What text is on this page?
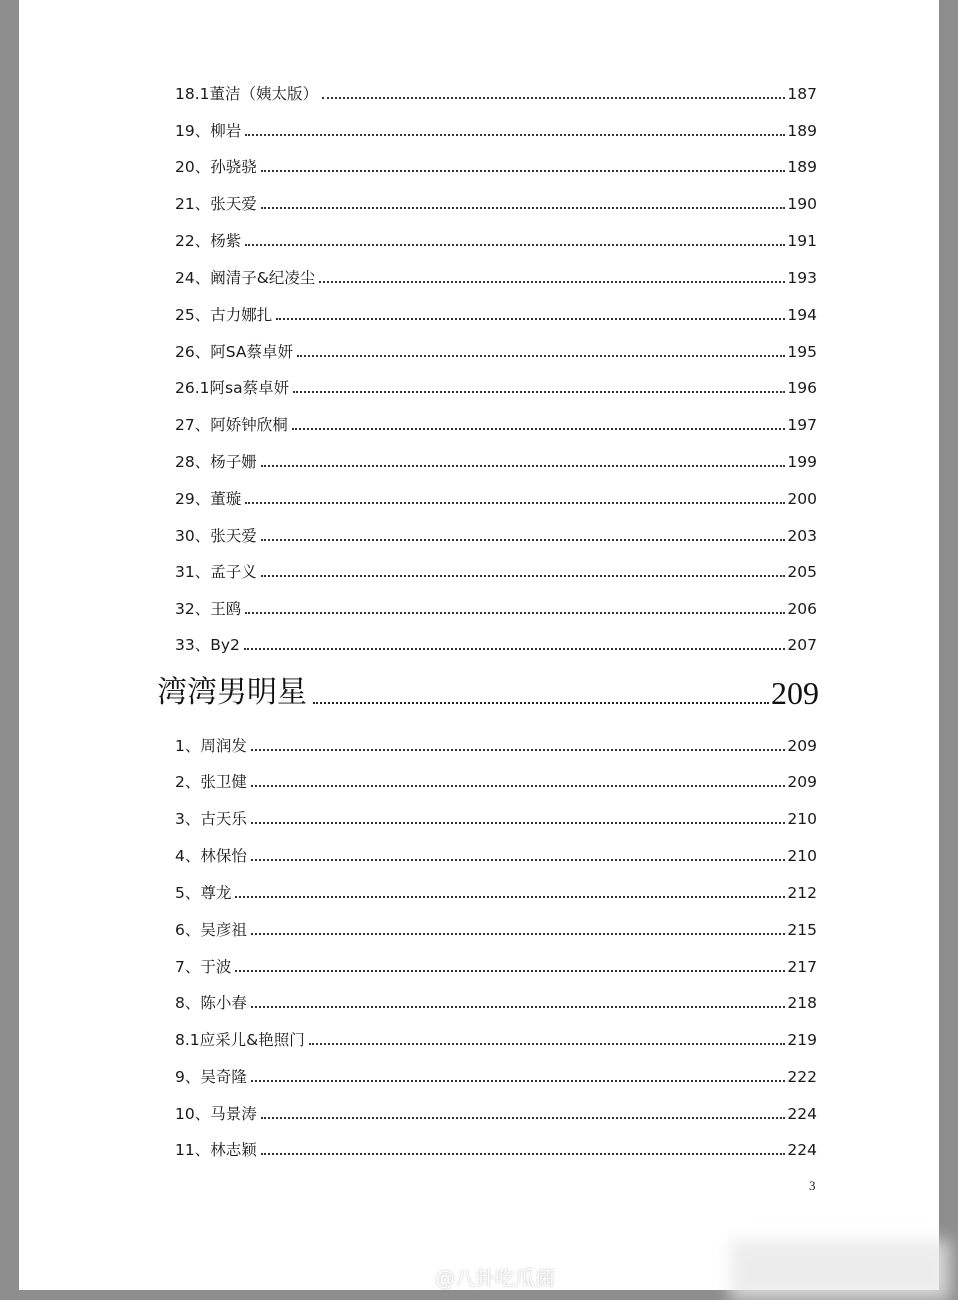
18.1董洁（姨太版）	187
19、柳岩	189
20、孙骁骁	189
21、张天爱	190
22、杨紫	191
24、阚清子&纪凌尘	193
25、古力娜扎	194
26、阿SA蔡卓妍	195
26.1阿sa蔡卓妍	196
27、阿娇钟欣桐	197
28、杨子姗	199
29、董璇	200
30、张天爱	203
31、孟子义	205
32、王鸥	206
33、By2	207
湾湾男明星	209
1、周润发	209
2、张卫健	209
3、古天乐	210
4、林保怡	210
5、尊龙	212
6、吴彦祖	215
7、于波	217
8、陈小春	218
8.1应采儿&艳照门	219
9、吴奇隆	222
10、马景涛	224
11、林志颖	224
3
@八卦吃瓜菌
